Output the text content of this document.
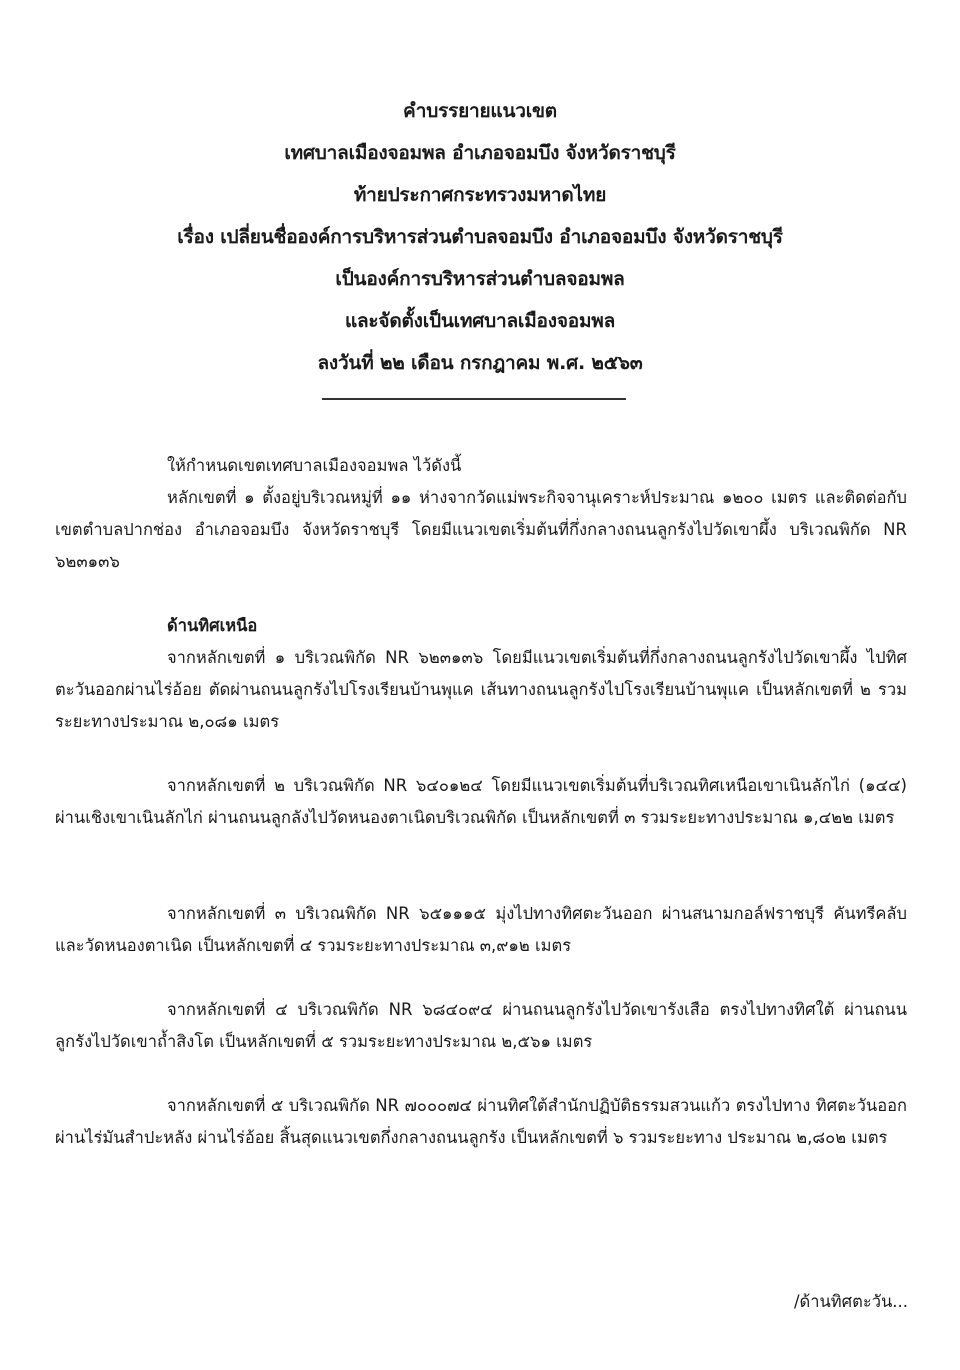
คำบรรยายแนวเขต
เทศบาลเมืองจอมพล อำเภอจอมบึง จังหวัดราชบุรี
ท้ายประกาศกระทรวงมหาดไทย
เรื่อง เปลี่ยนชื่อองค์การบริหารส่วนตำบลจอมบึง อำเภอจอมบึง จังหวัดราชบุรี
เป็นองค์การบริหารส่วนตำบลจอมพล
และจัดตั้งเป็นเทศบาลเมืองจอมพล
ลงวันที่ ๒๒ เดือน กรกฎาคม พ.ศ. ๒๕๖๓

ให้กำหนดเขตเทศบาลเมืองจอมพล ไว้ดังนี้

หลักเขตที่ ๑ ตั้งอยู่บริเวณหมู่ที่ ๑๑ ห่างจากวัดแม่พระกิจจานุเคราะห์ประมาณ ๑๒๐๐ เมตร และติดต่อกับเขตตำบลปากช่อง อำเภอจอมบึง จังหวัดราชบุรี โดยมีแนวเขตเริ่มต้นที่กึ่งกลางถนนลูกรังไปวัดเขาผึ้ง บริเวณพิกัด NR ๖๒๓๑๓๖

ด้านทิศเหนือ

จากหลักเขตที่ ๑ บริเวณพิกัด NR ๖๒๓๑๓๖ โดยมีแนวเขตเริ่มต้นที่กึ่งกลางถนนลูกรังไปวัดเขาผึ้ง ไปทิศตะวันออกผ่านไร่อ้อย ตัดผ่านถนนลูกรังไปโรงเรียนบ้านพุแค เส้นทางถนนลูกรังไปโรงเรียนบ้านพุแค เป็นหลักเขตที่ ๒ รวมระยะทางประมาณ ๒,๐๘๑ เมตร

จากหลักเขตที่ ๒ บริเวณพิกัด NR ๖๔๐๑๒๔ โดยมีแนวเขตเริ่มต้นที่บริเวณทิศเหนือเขาเนินลักไก่ (๑๔๔) ผ่านเชิงเขาเนินลักไก่ ผ่านถนนลูกลังไปวัดหนองตาเนิดบริเวณพิกัด เป็นหลักเขตที่ ๓ รวมระยะทางประมาณ ๑,๔๒๒ เมตร

จากหลักเขตที่ ๓ บริเวณพิกัด NR ๖๕๑๑๑๕ มุ่งไปทางทิศตะวันออก ผ่านสนามกอล์ฟราชบุรี คันทรีคลับ และวัดหนองตาเนิด เป็นหลักเขตที่ ๔ รวมระยะทางประมาณ ๓,๙๑๒ เมตร

จากหลักเขตที่ ๔ บริเวณพิกัด NR ๖๘๔๐๙๔ ผ่านถนนลูกรังไปวัดเขารังเสือ ตรงไปทางทิศใต้ ผ่านถนนลูกรังไปวัดเขาถ้ำสิงโต เป็นหลักเขตที่ ๕ รวมระยะทางประมาณ ๒,๕๖๑ เมตร

จากหลักเขตที่ ๕ บริเวณพิกัด NR ๗๐๐๐๗๔ ผ่านทิศใต้สำนักปฏิบัติธรรมสวนแก้ว ตรงไปทาง ทิศตะวันออก ผ่านไร่มันสำปะหลัง ผ่านไร่อ้อย สิ้นสุดแนวเขตกึ่งกลางถนนลูกรัง เป็นหลักเขตที่ ๖ รวมระยะทาง ประมาณ ๒,๘๐๒ เมตร

/ด้านทิศตะวัน...
